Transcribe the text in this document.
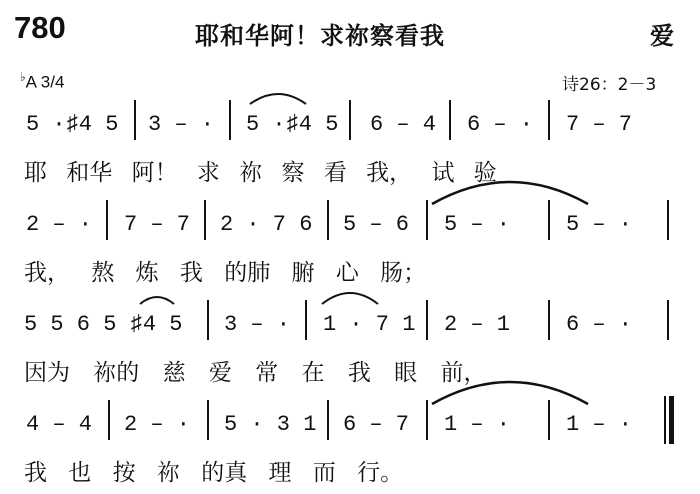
780	耶和华阿！求祢察看我	爱
♭A 3/4	诗26：2－3
5 ·♯4 5 3 – · 5 ·♯4 5 6 – 4 6 – · 7 – 7
耶 和华 阿！ 求 祢 察 看 我， 试 验
2 – · 7 – 7 2 · 7 6 5 – 6 5 – ·	5 – ·
我， 熬 炼 我 的肺 腑 心 肠；
5 5 6 5 ♯4 5 3 – · 1 · 7 1 2 – 1	6 – ·
因为 祢的 慈 爱 常 在 我 眼 前，
4 – 4 2 – · 5 · 3 1 6 – 7 1 – ·	1 – ·
我 也 按 祢 的真 理 而 行。
